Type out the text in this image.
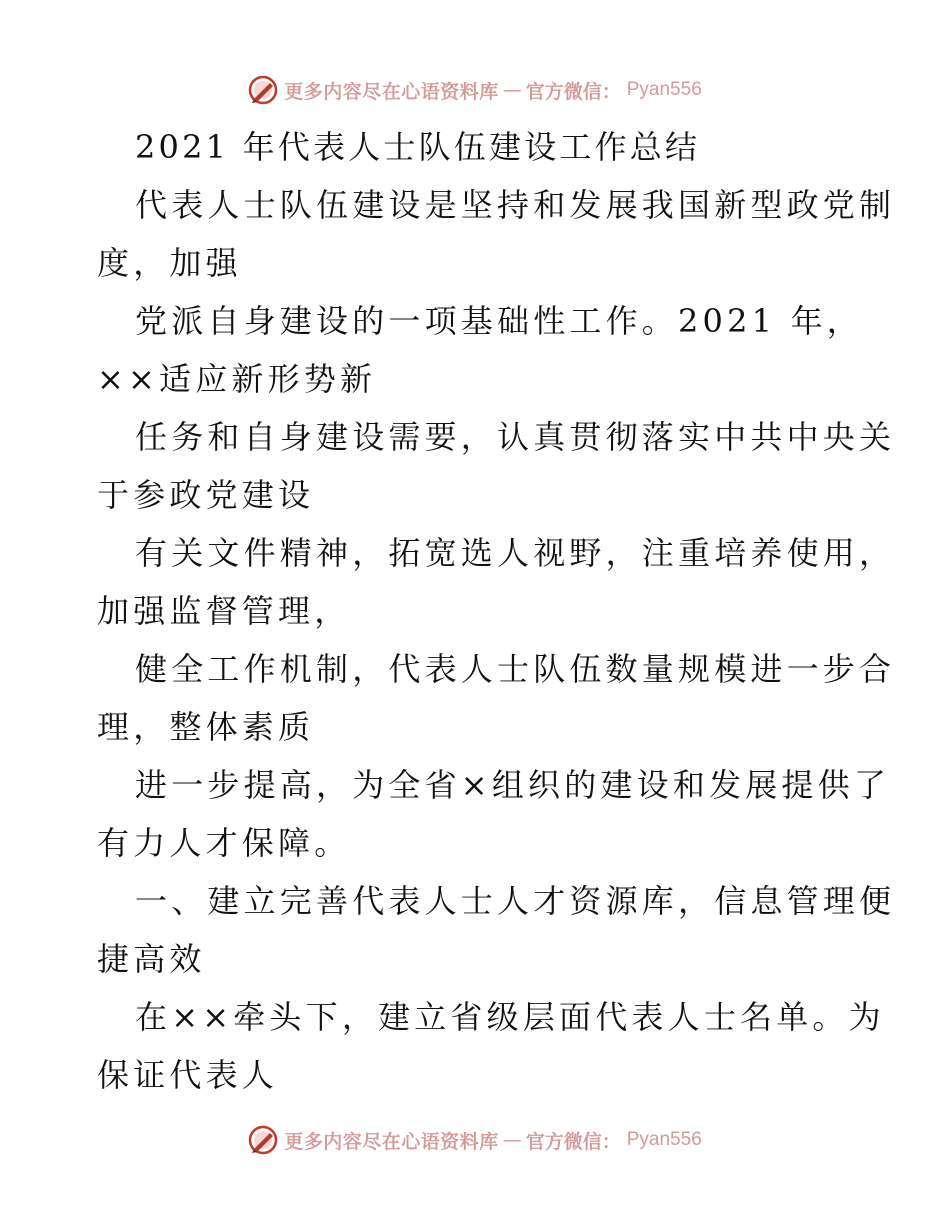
更多内容尽在心语资料库 — 官方微信： Pyan556
2021 年代表人士队伍建设工作总结
代表人士队伍建设是坚持和发展我国新型政党制
度，加强
党派自身建设的一项基础性工作。2021 年，
××适应新形势新
任务和自身建设需要，认真贯彻落实中共中央关
于参政党建设
有关文件精神，拓宽选人视野，注重培养使用，
加强监督管理，
健全工作机制，代表人士队伍数量规模进一步合
理，整体素质
进一步提高，为全省×组织的建设和发展提供了
有力人才保障。
一、建立完善代表人士人才资源库，信息管理便
捷高效
在××牵头下，建立省级层面代表人士名单。为
保证代表人
更多内容尽在心语资料库 — 官方微信： Pyan556
